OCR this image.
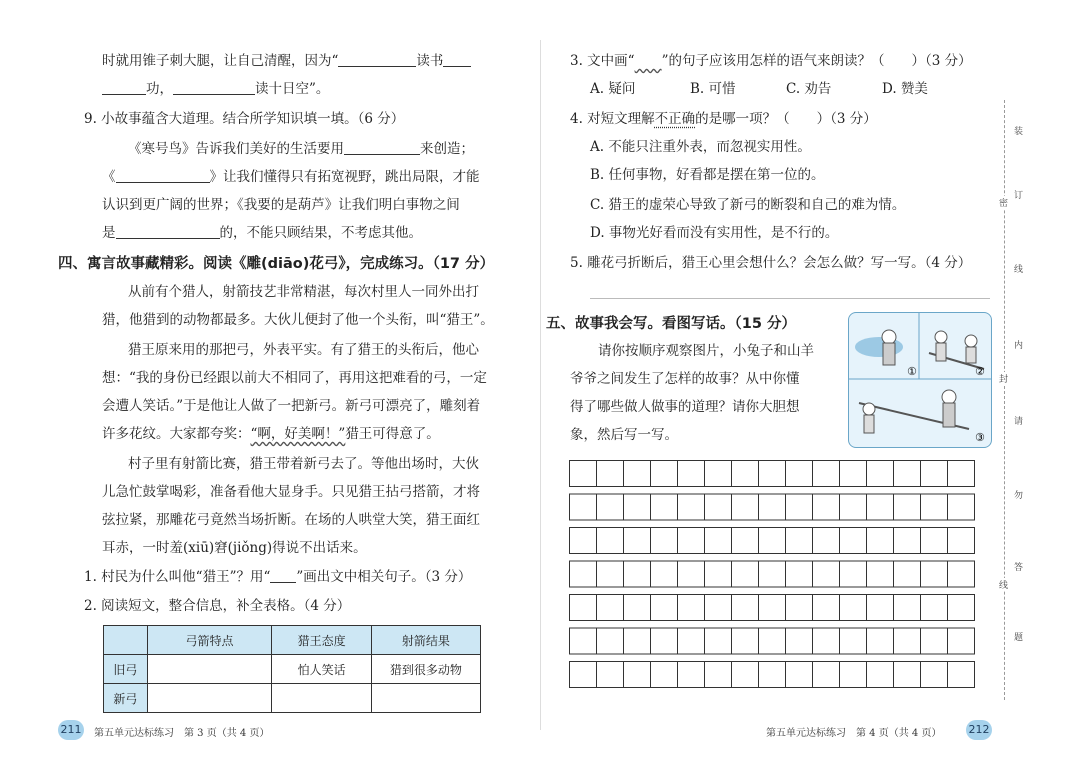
时就用锥子刺大腿，让自己清醒，因为“	读书
功，	读十日空”。
9. 小故事蕴含大道理。结合所学知识填一填。（6 分）
《寒号鸟》告诉我们美好的生活要用	来创造；
《	》让我们懂得只有拓宽视野，跳出局限，才能
认识到更广阔的世界；《我要的是葫芦》让我们明白事物之间
是	的，不能只顾结果，不考虑其他。
四、寓言故事藏精彩。阅读《雕(diāo)花弓》，完成练习。（17 分）
从前有个猎人，射箭技艺非常精湛，每次村里人一同外出打
猎，他猎到的动物都最多。大伙儿便封了他一个头衔，叫“猎王”。
猎王原来用的那把弓，外表平实。有了猎王的头衔后，他心
想：“我的身份已经跟以前大不相同了，再用这把难看的弓，一定
会遭人笑话。”于是他让人做了一把新弓。新弓可漂亮了，雕刻着
许多花纹。大家都夸奖：“啊，好美啊！”猎王可得意了。
村子里有射箭比赛，猎王带着新弓去了。等他出场时，大伙
儿急忙鼓掌喝彩，准备看他大显身手。只见猎王拈弓搭箭，才将
弦拉紧，那雕花弓竟然当场折断。在场的人哄堂大笑，猎王面红
耳赤，一时羞(xiū)窘(jiǒng)得说不出话来。
1. 村民为什么叫他“猎王”？用“ ”画出文中相关句子。（3 分）
2. 阅读短文，整合信息，补全表格。（4 分）
	弓箭特点	猎王态度	射箭结果
旧弓		怕人笑话	猎到很多动物
新弓			
211 第五单元达标练习　第 3 页（共 4 页）
3. 文中画“　　 ”的句子应该用怎样的语气来朗读？（　　）（3 分）
A. 疑问	B. 可惜	C. 劝告	D. 赞美
4. 对短文理解不正确的是哪一项？（　　）（3 分）
A. 不能只注重外表，而忽视实用性。
B. 任何事物，好看都是摆在第一位的。
C. 猎王的虚荣心导致了新弓的断裂和自己的难为情。
D. 事物光好看而没有实用性，是不行的。
5. 雕花弓折断后，猎王心里会想什么？会怎么做？写一写。（4 分）
五、故事我会写。看图写话。（15 分）
请你按顺序观察图片，小兔子和山羊
爷爷之间发生了怎样的故事？从中你懂
得了哪些做人做事的道理？请你大胆想
象，然后写一写。
①	②
③
212
第五单元达标练习　第 4 页（共 4 页）
装
订
线
内
请
勿
答
题
密
封
线
